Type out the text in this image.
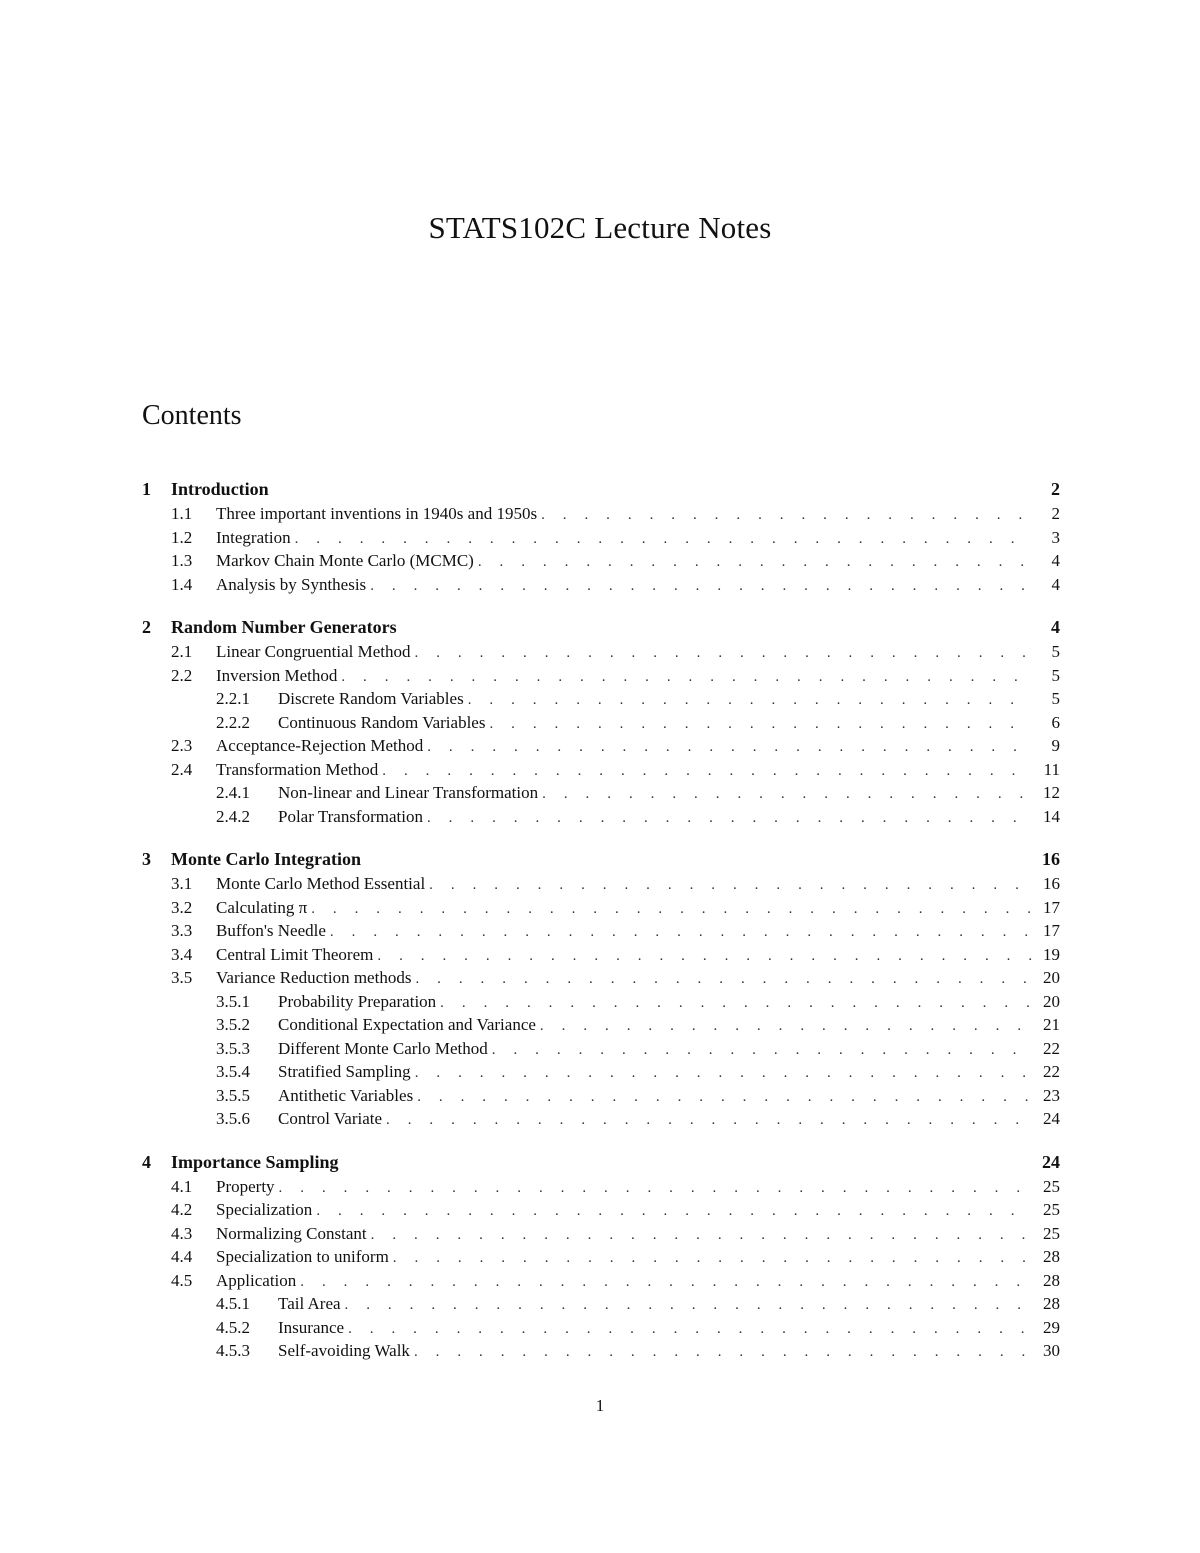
STATS102C Lecture Notes
Contents
1	Introduction	2
1.1	Three important inventions in 1940s and 1950s . . .	2
1.2	Integration . . .	3
1.3	Markov Chain Monte Carlo (MCMC) . . .	4
1.4	Analysis by Synthesis . . .	4
2	Random Number Generators	4
2.1	Linear Congruential Method . . .	5
2.2	Inversion Method . . .	5
2.2.1	Discrete Random Variables . . .	5
2.2.2	Continuous Random Variables . . .	6
2.3	Acceptance-Rejection Method . . .	9
2.4	Transformation Method . . .	11
2.4.1	Non-linear and Linear Transformation . . .	12
2.4.2	Polar Transformation . . .	14
3	Monte Carlo Integration	16
3.1	Monte Carlo Method Essential . . .	16
3.2	Calculating π . . .	17
3.3	Buffon's Needle . . .	17
3.4	Central Limit Theorem . . .	19
3.5	Variance Reduction methods . . .	20
3.5.1	Probability Preparation . . .	20
3.5.2	Conditional Expectation and Variance . . .	21
3.5.3	Different Monte Carlo Method . . .	22
3.5.4	Stratified Sampling . . .	22
3.5.5	Antithetic Variables . . .	23
3.5.6	Control Variate . . .	24
4	Importance Sampling	24
4.1	Property . . .	25
4.2	Specialization . . .	25
4.3	Normalizing Constant . . .	25
4.4	Specialization to uniform . . .	28
4.5	Application . . .	28
4.5.1	Tail Area . . .	28
4.5.2	Insurance . . .	29
4.5.3	Self-avoiding Walk . . .	30
1
